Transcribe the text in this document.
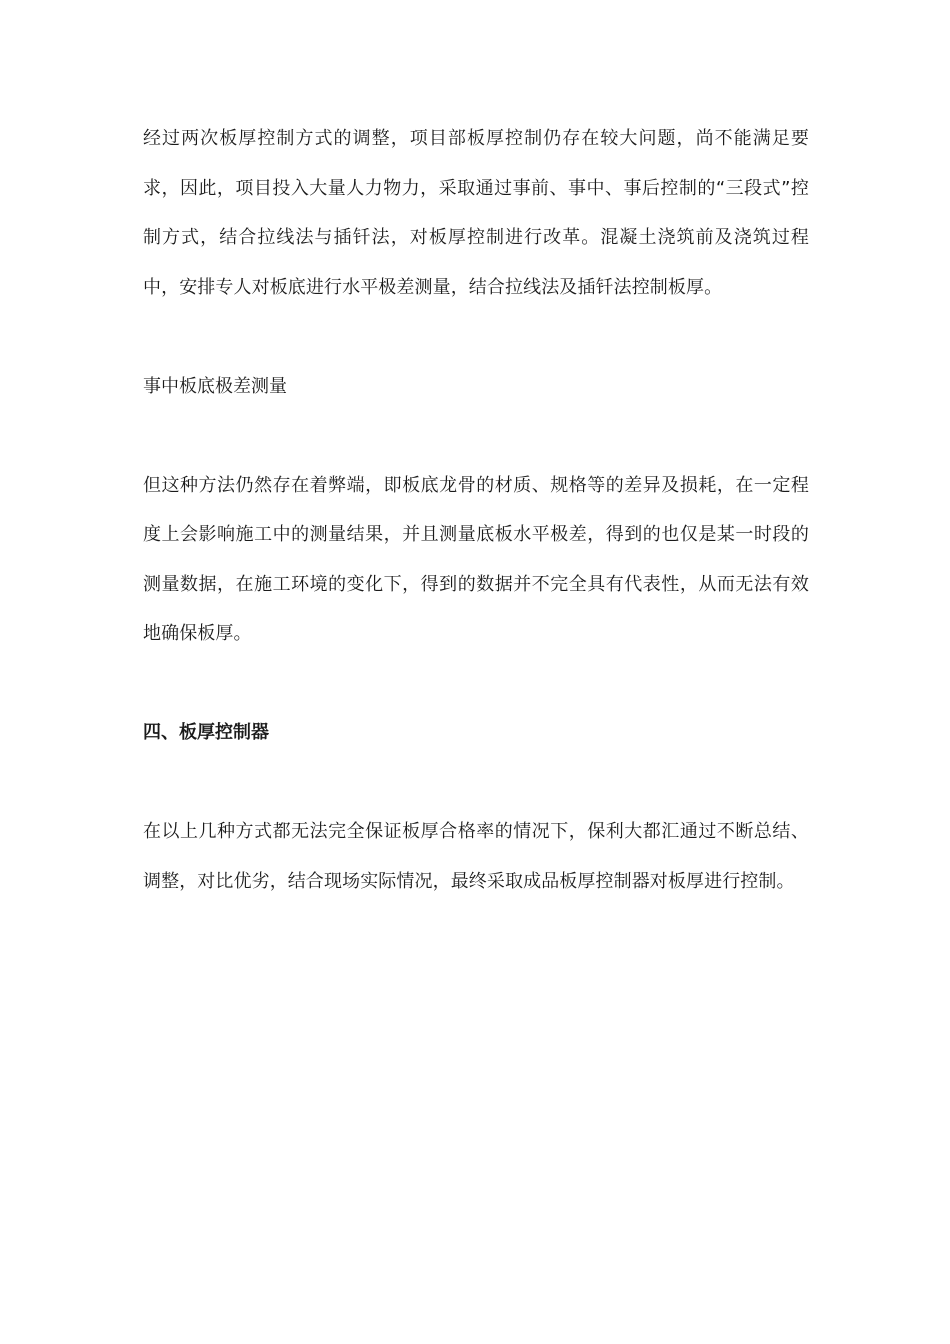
经过两次板厚控制方式的调整，项目部板厚控制仍存在较大问题，尚不能满足要求，因此，项目投入大量人力物力，采取通过事前、事中、事后控制的“三段式”控制方式，结合拉线法与插钎法，对板厚控制进行改革。混凝土浇筑前及浇筑过程中，安排专人对板底进行水平极差测量，结合拉线法及插钎法控制板厚。

事中板底极差测量

但这种方法仍然存在着弊端，即板底龙骨的材质、规格等的差异及损耗，在一定程度上会影响施工中的测量结果，并且测量底板水平极差，得到的也仅是某一时段的测量数据，在施工环境的变化下，得到的数据并不完全具有代表性，从而无法有效地确保板厚。

四、板厚控制器

在以上几种方式都无法完全保证板厚合格率的情况下，保利大都汇通过不断总结、调整，对比优劣，结合现场实际情况，最终采取成品板厚控制器对板厚进行控制。
